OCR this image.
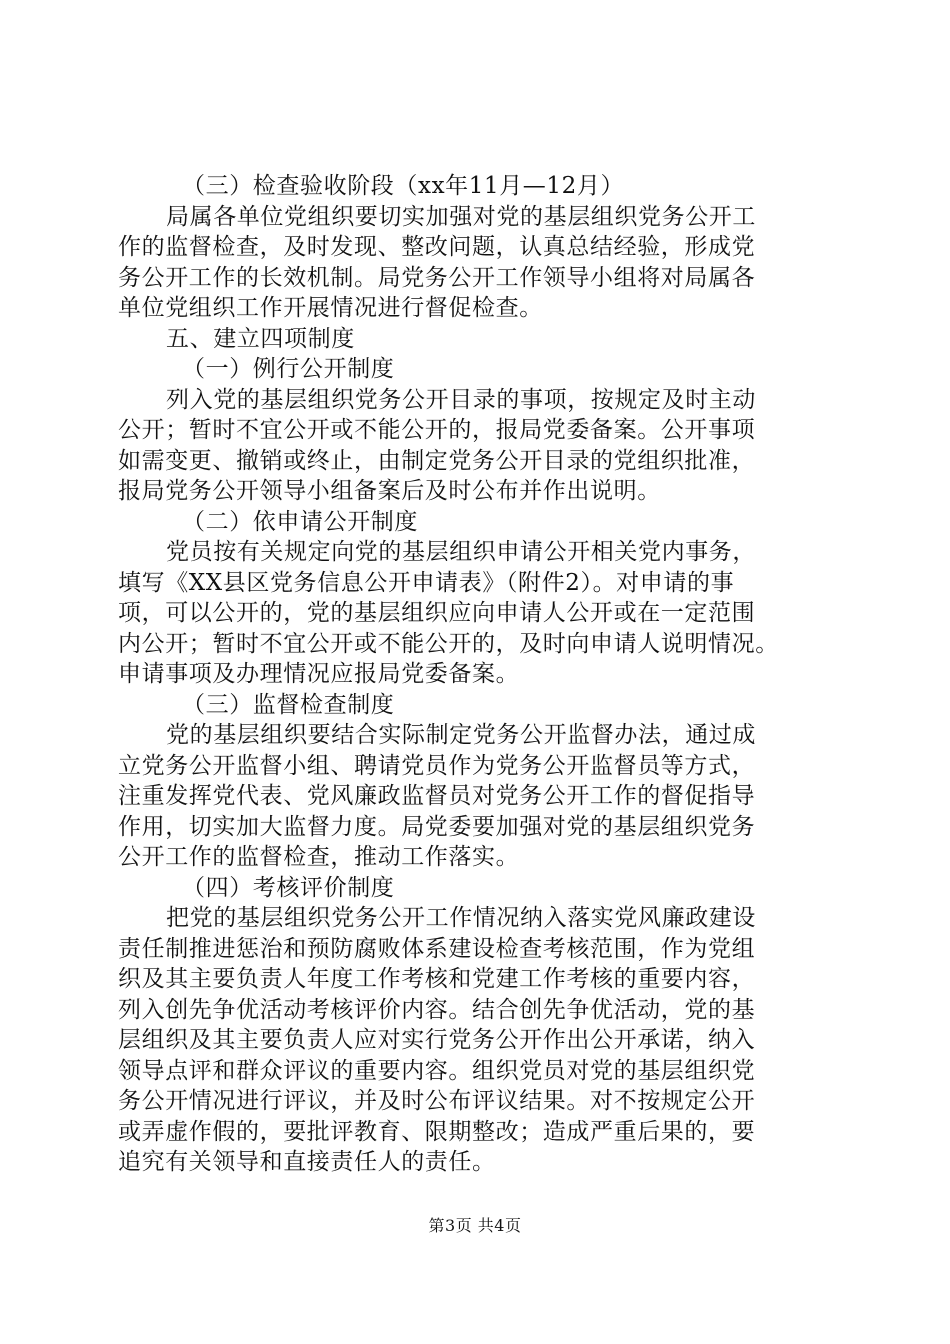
（三）检查验收阶段（xx年11月—12月）
局属各单位党组织要切实加强对党的基层组织党务公开工
作的监督检查，及时发现、整改问题，认真总结经验，形成党
务公开工作的长效机制。局党务公开工作领导小组将对局属各
单位党组织工作开展情况进行督促检查。
五、建立四项制度
（一）例行公开制度
列入党的基层组织党务公开目录的事项，按规定及时主动
公开；暂时不宜公开或不能公开的，报局党委备案。公开事项
如需变更、撤销或终止，由制定党务公开目录的党组织批准，
报局党务公开领导小组备案后及时公布并作出说明。
（二）依申请公开制度
党员按有关规定向党的基层组织申请公开相关党内事务，
填写《XX县区党务信息公开申请表》（附件2）。对申请的事
项，可以公开的，党的基层组织应向申请人公开或在一定范围
内公开；暂时不宜公开或不能公开的，及时向申请人说明情况。
申请事项及办理情况应报局党委备案。
（三）监督检查制度
党的基层组织要结合实际制定党务公开监督办法，通过成
立党务公开监督小组、聘请党员作为党务公开监督员等方式，
注重发挥党代表、党风廉政监督员对党务公开工作的督促指导
作用，切实加大监督力度。局党委要加强对党的基层组织党务
公开工作的监督检查，推动工作落实。
（四）考核评价制度
把党的基层组织党务公开工作情况纳入落实党风廉政建设
责任制推进惩治和预防腐败体系建设检查考核范围，作为党组
织及其主要负责人年度工作考核和党建工作考核的重要内容，
列入创先争优活动考核评价内容。结合创先争优活动，党的基
层组织及其主要负责人应对实行党务公开作出公开承诺，纳入
领导点评和群众评议的重要内容。组织党员对党的基层组织党
务公开情况进行评议，并及时公布评议结果。对不按规定公开
或弄虚作假的，要批评教育、限期整改；造成严重后果的，要
追究有关领导和直接责任人的责任。
第3页 共4页
